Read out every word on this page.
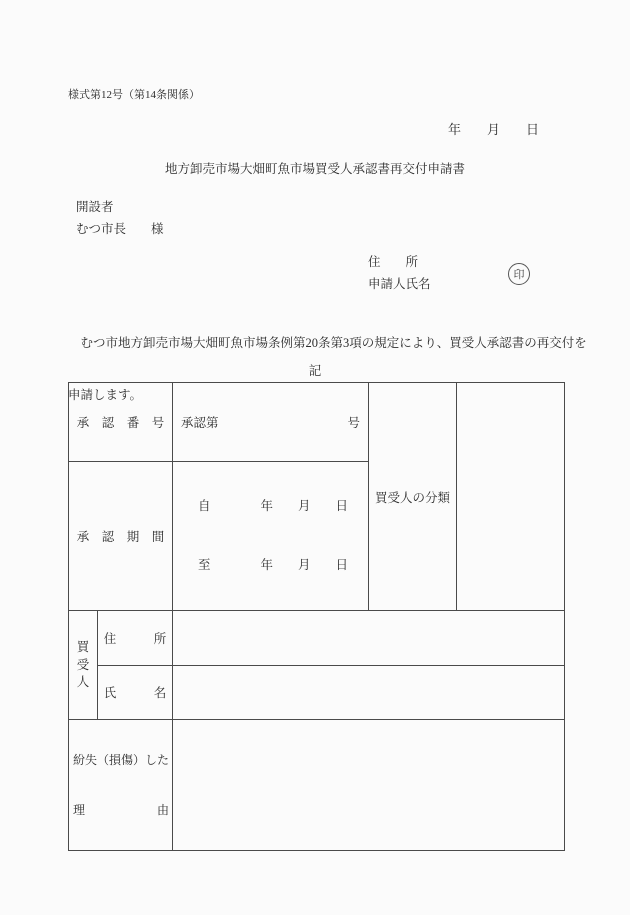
様式第12号（第14条関係）
年　　月　　日
地方卸売市場大畑町魚市場買受人承認書再交付申請書
開設者
むつ市長　　様
住　　所
申請人氏名
印

　むつ市地方卸売市場大畑町魚市場条例第20条第3項の規定により、買受人承認書の再交付を

申請します。

記
承　認　番　号		承認第 号	買受人の分類	
承　認　期　間		自　　　　年　　月　　日

至　　　　年　　月　　日		

買
受
人	住　　　所			
	氏　　　名			

紛失（損傷）した

理　　　　　　由				
